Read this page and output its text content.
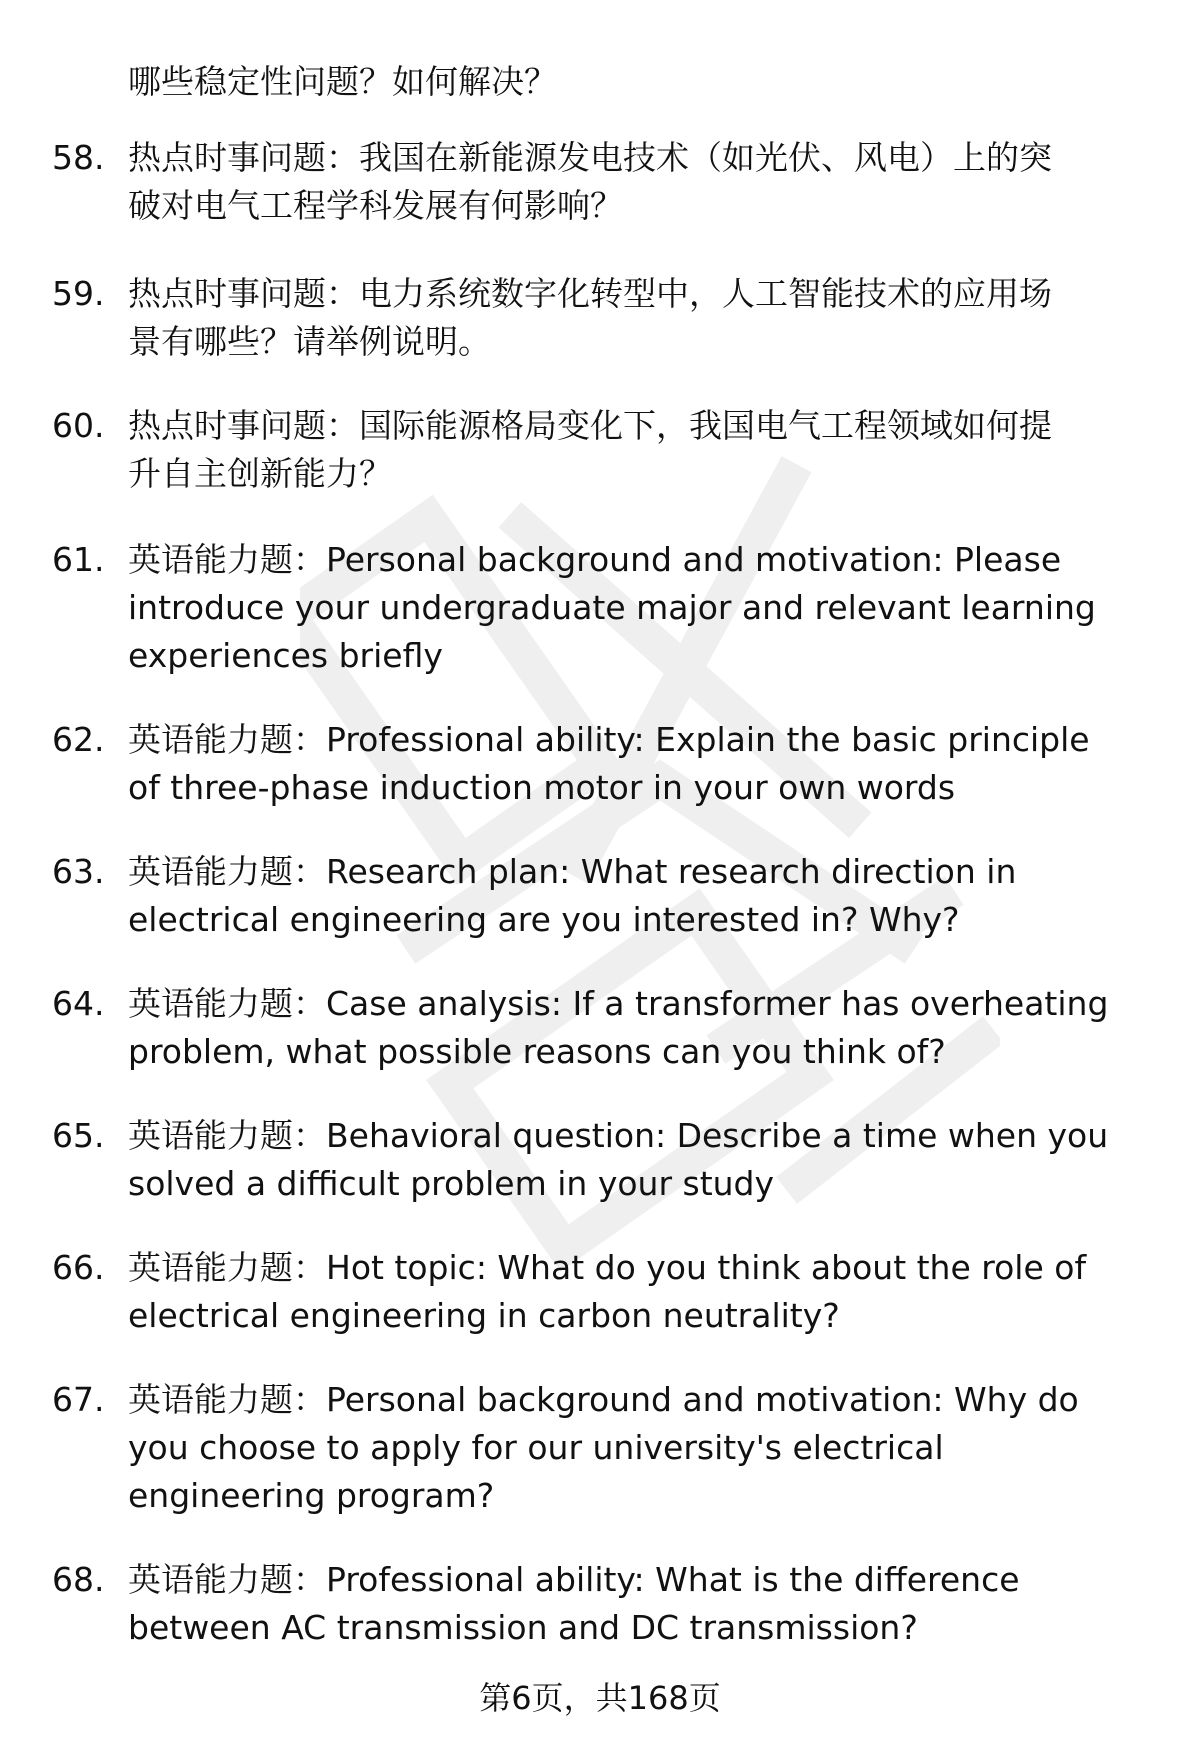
哪些稳定性问题？如何解决？
58. 热点时事问题：我国在新能源发电技术（如光伏、风电）上的突
破对电气工程学科发展有何影响？
59. 热点时事问题：电力系统数字化转型中，人工智能技术的应用场
景有哪些？请举例说明。
60. 热点时事问题：国际能源格局变化下，我国电气工程领域如何提
升自主创新能力？
61. 英语能力题：Personal background and motivation: Please
introduce your undergraduate major and relevant learning
experiences briefly
62. 英语能力题：Professional ability: Explain the basic principle
of three-phase induction motor in your own words
63. 英语能力题：Research plan: What research direction in
electrical engineering are you interested in? Why?
64. 英语能力题：Case analysis: If a transformer has overheating
problem, what possible reasons can you think of?
65. 英语能力题：Behavioral question: Describe a time when you
solved a difficult problem in your study
66. 英语能力题：Hot topic: What do you think about the role of
electrical engineering in carbon neutrality?
67. 英语能力题：Personal background and motivation: Why do
you choose to apply for our university's electrical
engineering program?
68. 英语能力题：Professional ability: What is the difference
between AC transmission and DC transmission?
第6页，共168页
